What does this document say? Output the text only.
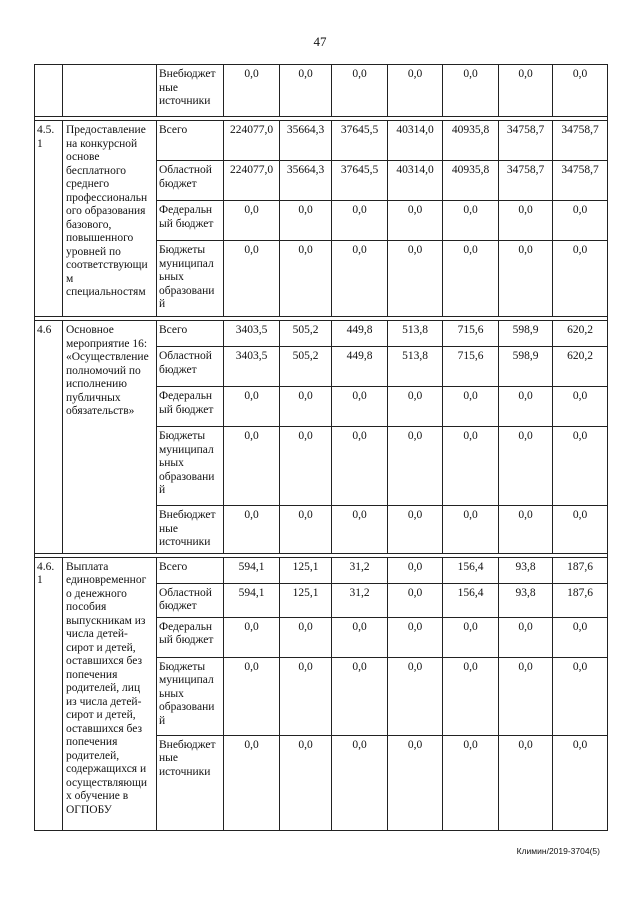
47
		Внебюджет ные источники	0,0	0,0	0,0	0,0	0,0	0,0	0,0

4.5. 1	Предоставление на конкурсной основе бесплатного среднего профессиональн ого образования базового, повышенного уровней по соответствующи м специальностям	Всего	224077,0	35664,3	37645,5	40314,0	40935,8	34758,7	34758,7
		Областной бюджет	224077,0	35664,3	37645,5	40314,0	40935,8	34758,7	34758,7
		Федеральн ый бюджет	0,0	0,0	0,0	0,0	0,0	0,0	0,0
		Бюджеты муниципал ьных образовани й	0,0	0,0	0,0	0,0	0,0	0,0	0,0

4.6	Основное мероприятие 16: «Осуществление полномочий по исполнению публичных обязательств»	Всего	3403,5	505,2	449,8	513,8	715,6	598,9	620,2
		Областной бюджет	3403,5	505,2	449,8	513,8	715,6	598,9	620,2
		Федеральн ый бюджет	0,0	0,0	0,0	0,0	0,0	0,0	0,0
		Бюджеты муниципал ьных образовани й	0,0	0,0	0,0	0,0	0,0	0,0	0,0
		Внебюджет ные источники	0,0	0,0	0,0	0,0	0,0	0,0	0,0

4.6. 1	Выплата единовременног о денежного пособия выпускникам из числа детей-сирот и детей, оставшихся без попечения родителей, лиц из числа детей-сирот и детей, оставшихся без попечения родителей, содержащихся и осуществляющи х обучение в ОГПОБУ	Всего	594,1	125,1	31,2	0,0	156,4	93,8	187,6
		Областной бюджет	594,1	125,1	31,2	0,0	156,4	93,8	187,6
		Федеральн ый бюджет	0,0	0,0	0,0	0,0	0,0	0,0	0,0
		Бюджеты муниципал ьных образовани й	0,0	0,0	0,0	0,0	0,0	0,0	0,0
		Внебюджет ные источники	0,0	0,0	0,0	0,0	0,0	0,0	0,0
Климин/2019-3704(5)
